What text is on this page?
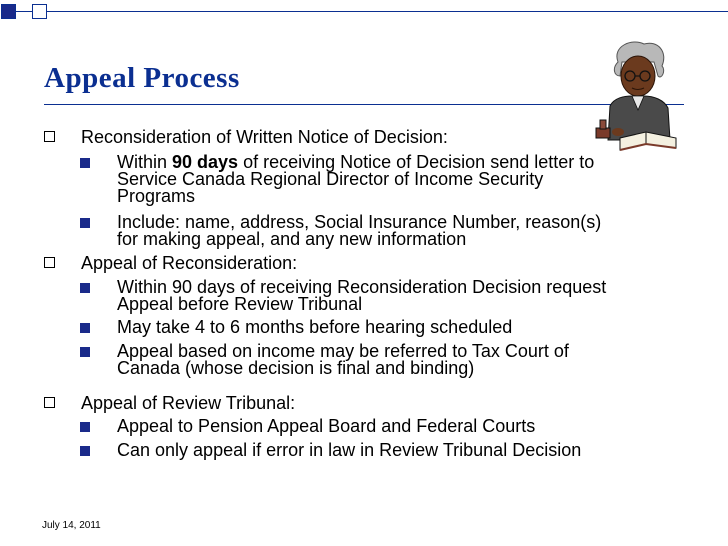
Appeal Process
Reconsideration of Written Notice of Decision:
Within 90 days of receiving Notice of Decision send letter to
Service Canada Regional Director of Income Security
Programs
Include: name, address, Social Insurance Number, reason(s)
for making appeal, and any new information
Appeal of Reconsideration:
Within 90 days of receiving Reconsideration Decision request
Appeal before Review Tribunal
May take 4 to 6 months before hearing scheduled
Appeal based on income may be referred to Tax Court of
Canada (whose decision is final and binding)
Appeal of Review Tribunal:
Appeal to Pension Appeal Board and Federal Courts
Can only appeal if error in law in Review Tribunal Decision
July 14, 2011
